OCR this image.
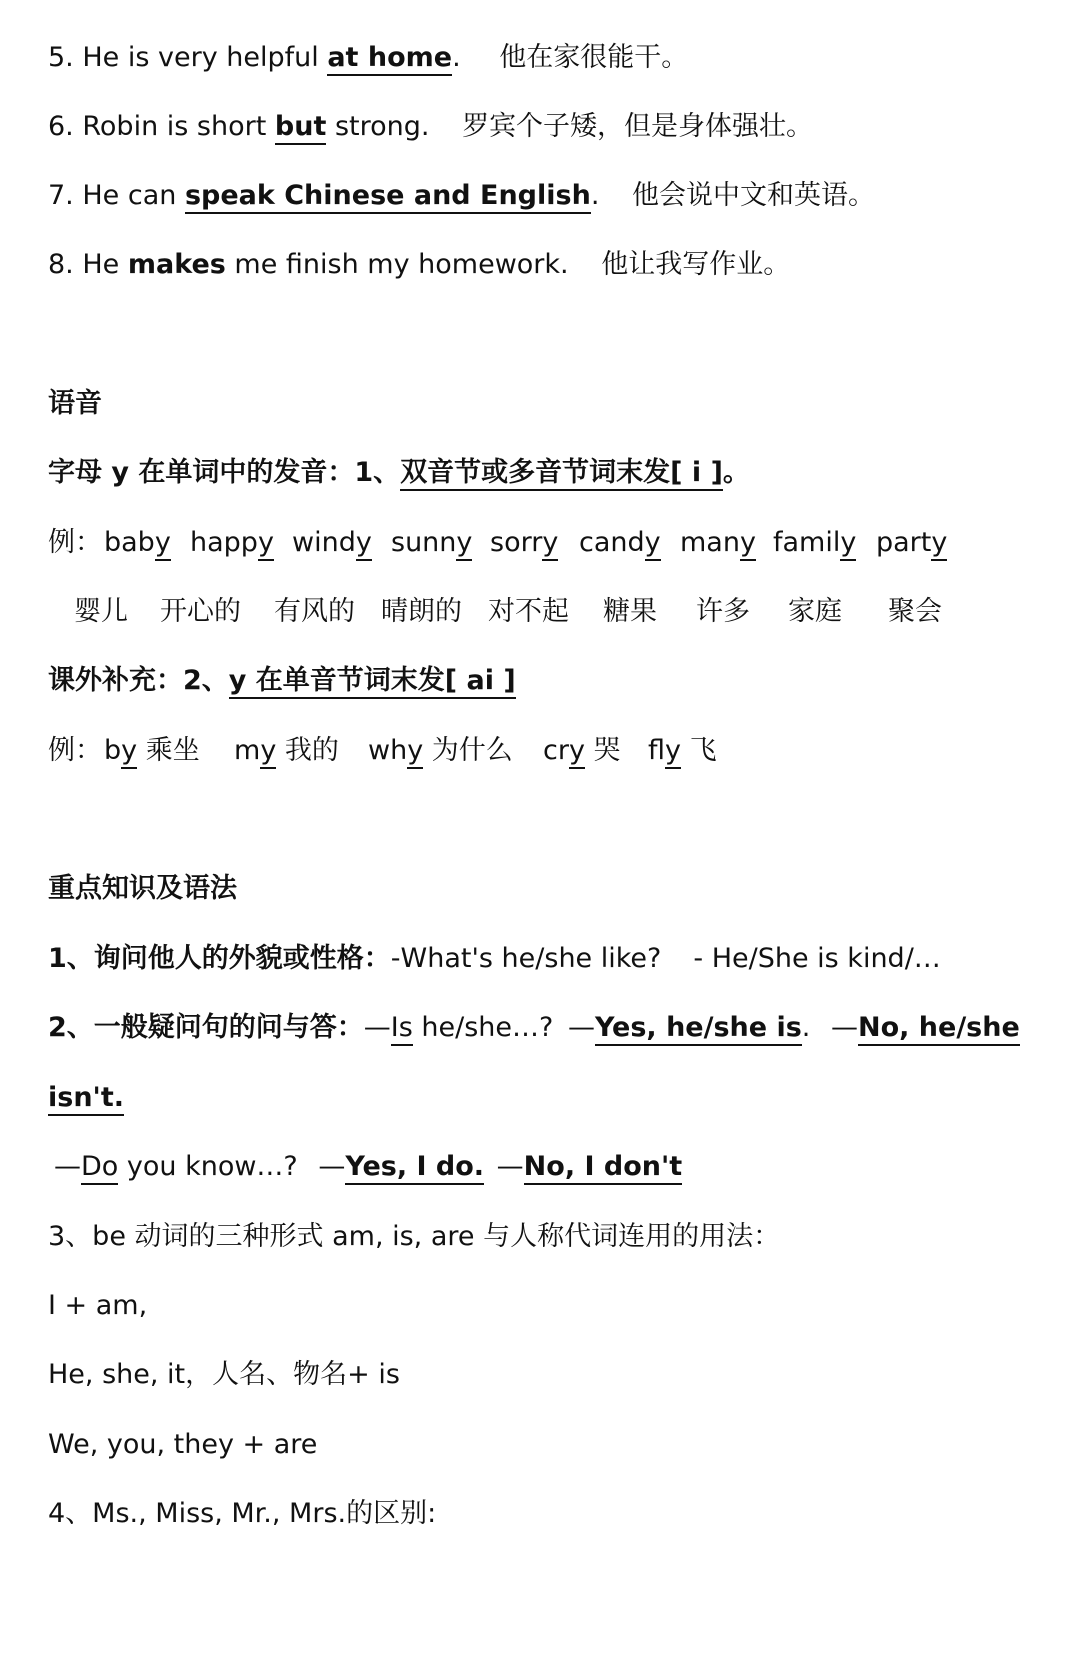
5. He is very helpful at home. 他在家很能干。
6. Robin is short but strong. 罗宾个子矮，但是身体强壮。
7. He can speak Chinese and English. 他会说中文和英语。
8. He makes me finish my homework. 他让我写作业。
语音
字母 y 在单词中的发音：1、双音节或多音节词末发[ i ]。
例： baby happy windy sunny sorry candy many family party
婴儿 开心的 有风的 晴朗的 对不起 糖果 许多 家庭 聚会
课外补充：2、y 在单音节词末发[ ai ]
例： by 乘坐 my 我的 why 为什么 cry 哭 fly 飞
重点知识及语法
1、询问他人的外貌或性格：-What's he/she like? - He/She is kind/…
2、一般疑问句的问与答：—Is he/she…? —Yes, he/she is. —No, he/she
isn't.
—Do you know…? —Yes, I do. —No, I don't
3、be 动词的三种形式 am, is, are 与人称代词连用的用法：
I + am,
He, she, it，人名、物名+ is
We, you, they + are
4、Ms., Miss, Mr., Mrs.的区别:
